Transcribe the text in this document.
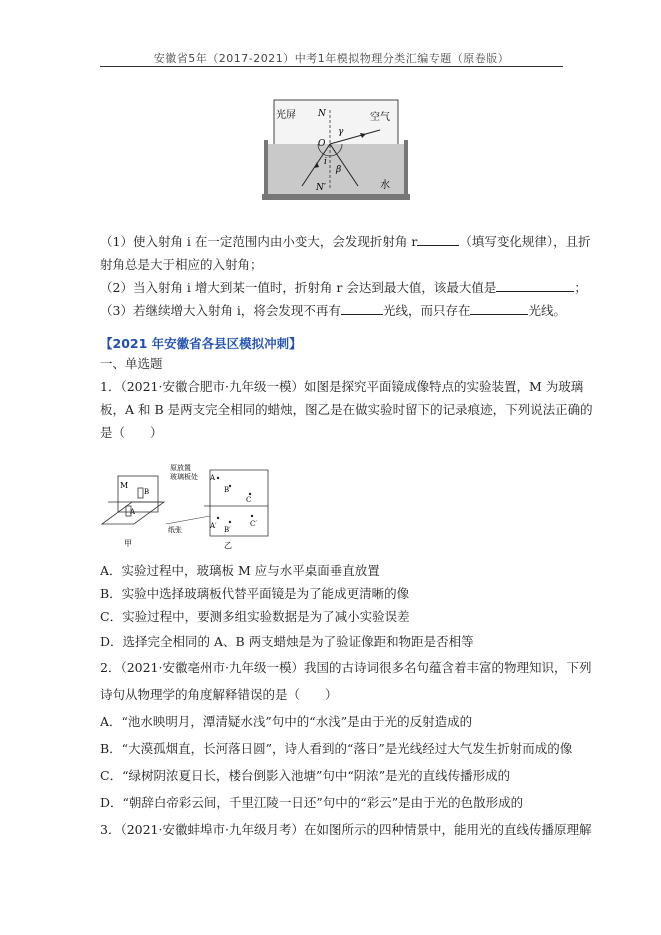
安徽省5年（2017-2021）中考1年模拟物理分类汇编专题（原卷版）
光屏	空气
水
N
N′
O
γ
i
β
（1）使入射角 i 在一定范围内由小变大，会发现折射角 r	（填写变化规律），且折
射角总是大于相应的入射角；
（2）当入射角 i 增大到某一值时，折射角 r 会达到最大值，该最大值是	；
（3）若继续增大入射角 i，将会发现不再有	光线，而只存在	光线。
【2021 年安徽省各县区模拟冲刺】
一、单选题
1．（2021·安徽合肥市·九年级一模）如图是探究平面镜成像特点的实验装置，M 为玻璃
板，A 和 B 是两支完全相同的蜡烛，图乙是在做实验时留下的记录痕迹，下列说法正确的
是（　　）
M
A
B
甲
原放置
玻璃板处
纸张
A
B
C
A′ B′
C′
乙
A．实验过程中，玻璃板 M 应与水平桌面垂直放置
B．实验中选择玻璃板代替平面镜是为了能成更清晰的像
C．实验过程中，要测多组实验数据是为了减小实验误差
D．选择完全相同的 A、B 两支蜡烛是为了验证像距和物距是否相等
2．（2021·安徽亳州市·九年级一模）我国的古诗词很多名句蕴含着丰富的物理知识，下列
诗句从物理学的角度解释错误的是（　　）
A．“池水映明月，潭清疑水浅”句中的“水浅”是由于光的反射造成的
B．“大漠孤烟直，长河落日圆”，诗人看到的“落日”是光线经过大气发生折射而成的像
C．“绿树阴浓夏日长，楼台倒影入池塘”句中“阴浓”是光的直线传播形成的
D．“朝辞白帝彩云间，千里江陵一日还”句中的“彩云”是由于光的色散形成的
3．（2021·安徽蚌埠市·九年级月考）在如图所示的四种情景中，能用光的直线传播原理解
